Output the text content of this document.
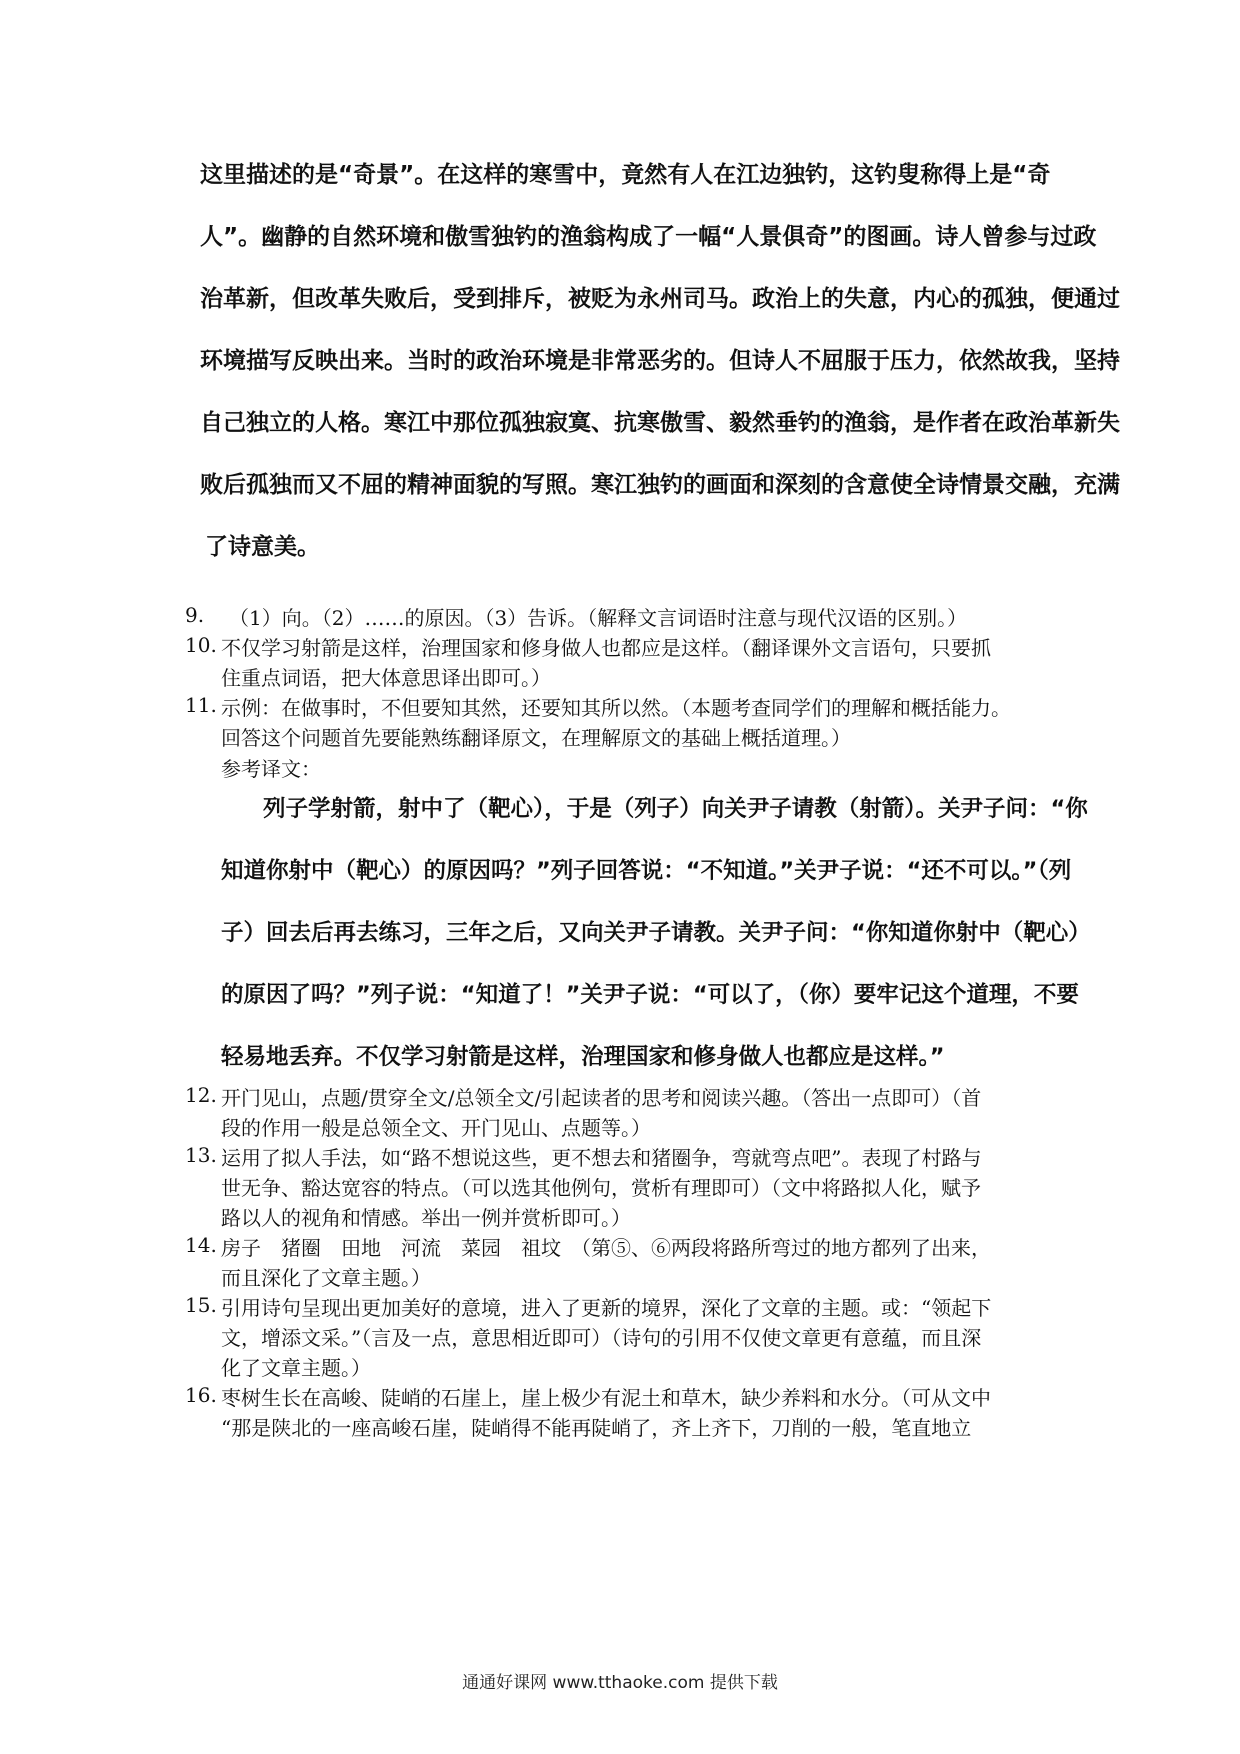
这里描述的是“奇景”。在这样的寒雪中，竟然有人在江边独钓，这钓叟称得上是“奇
人”。幽静的自然环境和傲雪独钓的渔翁构成了一幅“人景俱奇”的图画。诗人曾参与过政
治革新，但改革失败后，受到排斥，被贬为永州司马。政治上的失意，内心的孤独，便通过
环境描写反映出来。当时的政治环境是非常恶劣的。但诗人不屈服于压力，依然故我，坚持
自己独立的人格。寒江中那位孤独寂寞、抗寒傲雪、毅然垂钓的渔翁，是作者在政治革新失
败后孤独而又不屈的精神面貌的写照。寒江独钓的画面和深刻的含意使全诗情景交融，充满
了诗意美。
9. （1）向。（2）……的原因。（3）告诉。（解释文言词语时注意与现代汉语的区别。）
10. 不仅学习射箭是这样，治理国家和修身做人也都应是这样。（翻译课外文言语句，只要抓
住重点词语，把大体意思译出即可。）
11. 示例：在做事时，不但要知其然，还要知其所以然。（本题考查同学们的理解和概括能力。
回答这个问题首先要能熟练翻译原文，在理解原文的基础上概括道理。）
参考译文：
列子学射箭，射中了（靶心），于是（列子）向关尹子请教（射箭）。关尹子问：“你
知道你射中（靶心）的原因吗？”列子回答说：“不知道。”关尹子说：“还不可以。”（列
子）回去后再去练习，三年之后，又向关尹子请教。关尹子问：“你知道你射中（靶心）
的原因了吗？”列子说：“知道了！”关尹子说：“可以了，（你）要牢记这个道理，不要
轻易地丢弃。不仅学习射箭是这样，治理国家和修身做人也都应是这样。”
12. 开门见山，点题/贯穿全文/总领全文/引起读者的思考和阅读兴趣。（答出一点即可）（首
段的作用一般是总领全文、开门见山、点题等。）
13. 运用了拟人手法，如“路不想说这些，更不想去和猪圈争，弯就弯点吧”。表现了村路与
世无争、豁达宽容的特点。（可以选其他例句，赏析有理即可）（文中将路拟人化，赋予
路以人的视角和情感。举出一例并赏析即可。）
14. 房子　猪圈　田地　河流　菜园　祖坟　（第⑤、⑥两段将路所弯过的地方都列了出来，
而且深化了文章主题。）
15. 引用诗句呈现出更加美好的意境，进入了更新的境界，深化了文章的主题。或：“领起下
文，增添文采。”（言及一点，意思相近即可）（诗句的引用不仅使文章更有意蕴，而且深
化了文章主题。）
16. 枣树生长在高峻、陡峭的石崖上，崖上极少有泥土和草木，缺少养料和水分。（可从文中
“那是陕北的一座高峻石崖，陡峭得不能再陡峭了，齐上齐下，刀削的一般，笔直地立
通通好课网 www.tthaoke.com 提供下载
